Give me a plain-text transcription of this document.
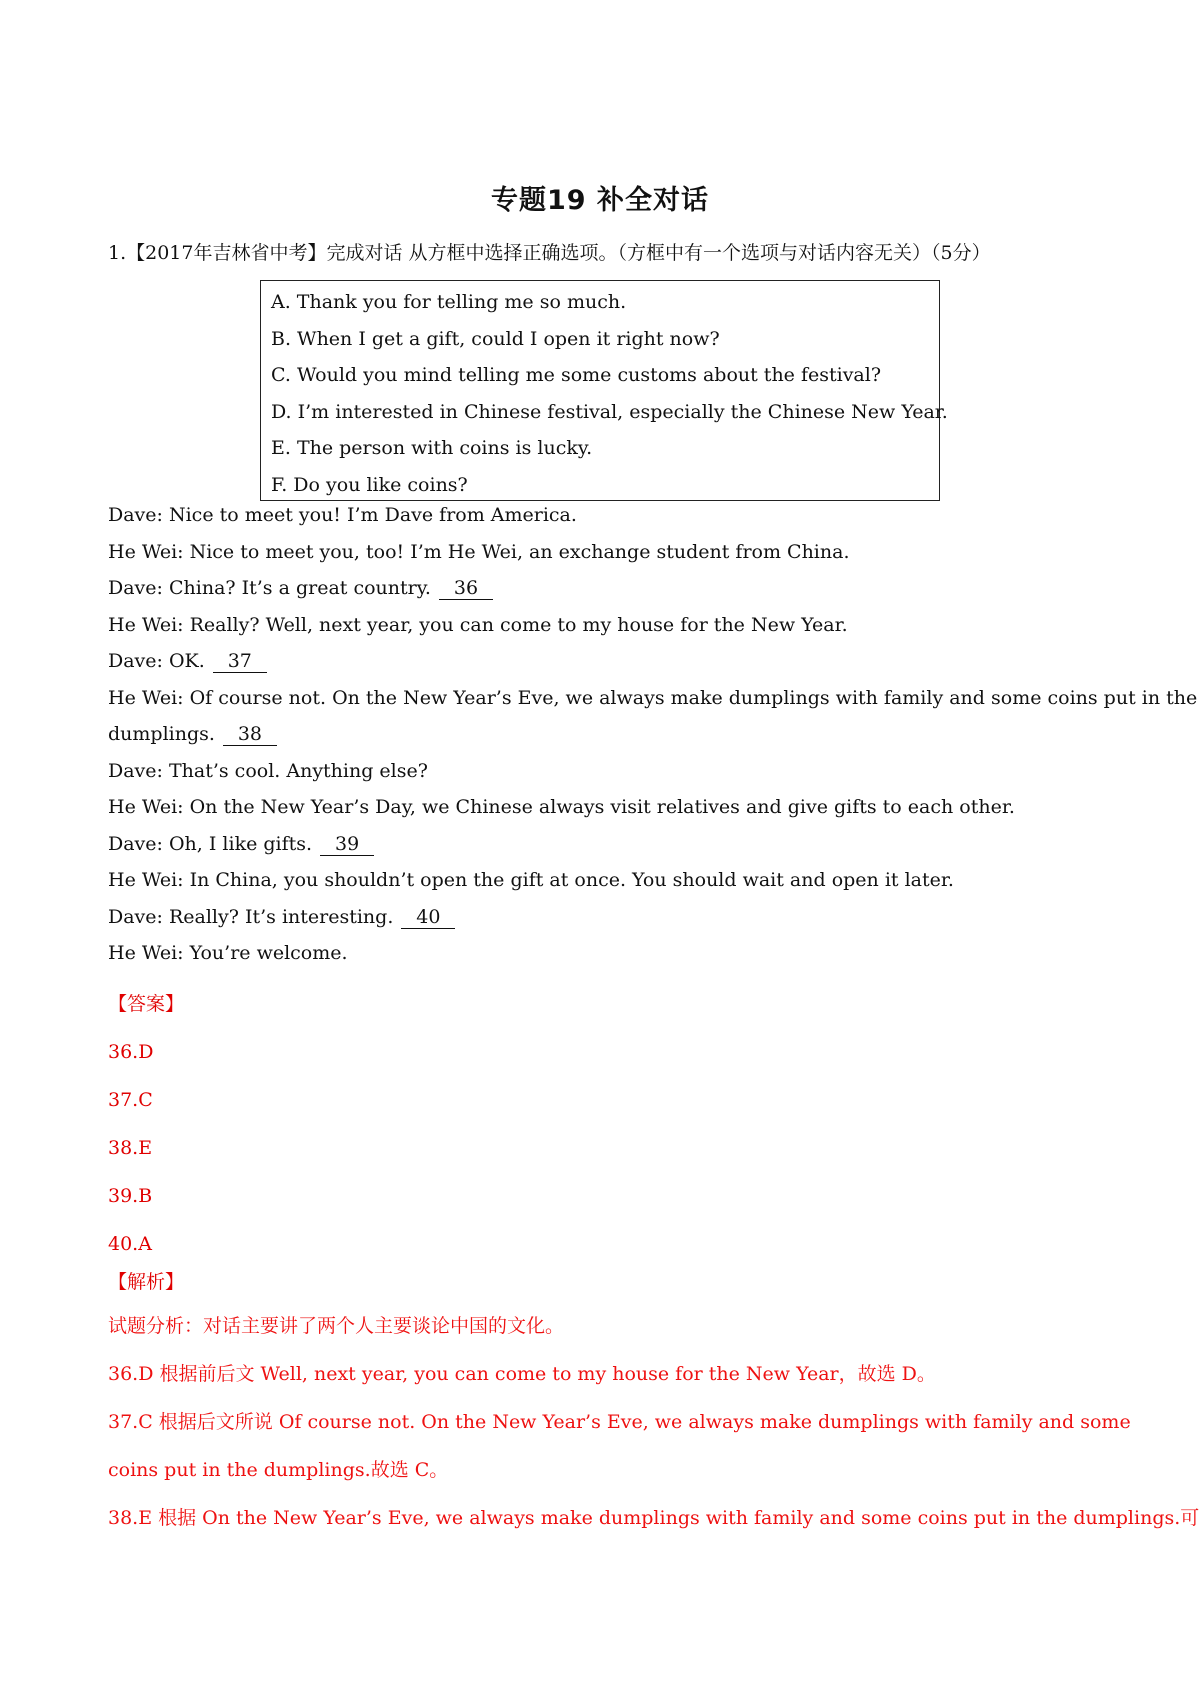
专题19 补全对话
1.【2017年吉林省中考】完成对话 从方框中选择正确选项。（方框中有一个选项与对话内容无关）（5分）
A. Thank you for telling me so much.
B. When I get a gift, could I open it right now?
C. Would you mind telling me some customs about the festival?
D. I’m interested in Chinese festival, especially the Chinese New Year.
E. The person with coins is lucky.
F. Do you like coins?
Dave: Nice to meet you! I’m Dave from America.
He Wei: Nice to meet you, too! I’m He Wei, an exchange student from China.
Dave: China? It’s a great country. 36
He Wei: Really? Well, next year, you can come to my house for the New Year.
Dave: OK. 37
He Wei: Of course not. On the New Year’s Eve, we always make dumplings with family and some coins put in the
dumplings. 38
Dave: That’s cool. Anything else?
He Wei: On the New Year’s Day, we Chinese always visit relatives and give gifts to each other.
Dave: Oh, I like gifts. 39
He Wei: In China, you shouldn’t open the gift at once. You should wait and open it later.
Dave: Really? It’s interesting. 40
He Wei: You’re welcome.
【答案】
36.D
37.C
38.E
39.B
40.A
【解析】
试题分析：对话主要讲了两个人主要谈论中国的文化。
36.D 根据前后文 Well, next year, you can come to my house for the New Year，故选 D。
37.C 根据后文所说 Of course not. On the New Year’s Eve, we always make dumplings with family and some
coins put in the dumplings.故选 C。
38.E 根据 On the New Year’s Eve, we always make dumplings with family and some coins put in the dumplings.可
